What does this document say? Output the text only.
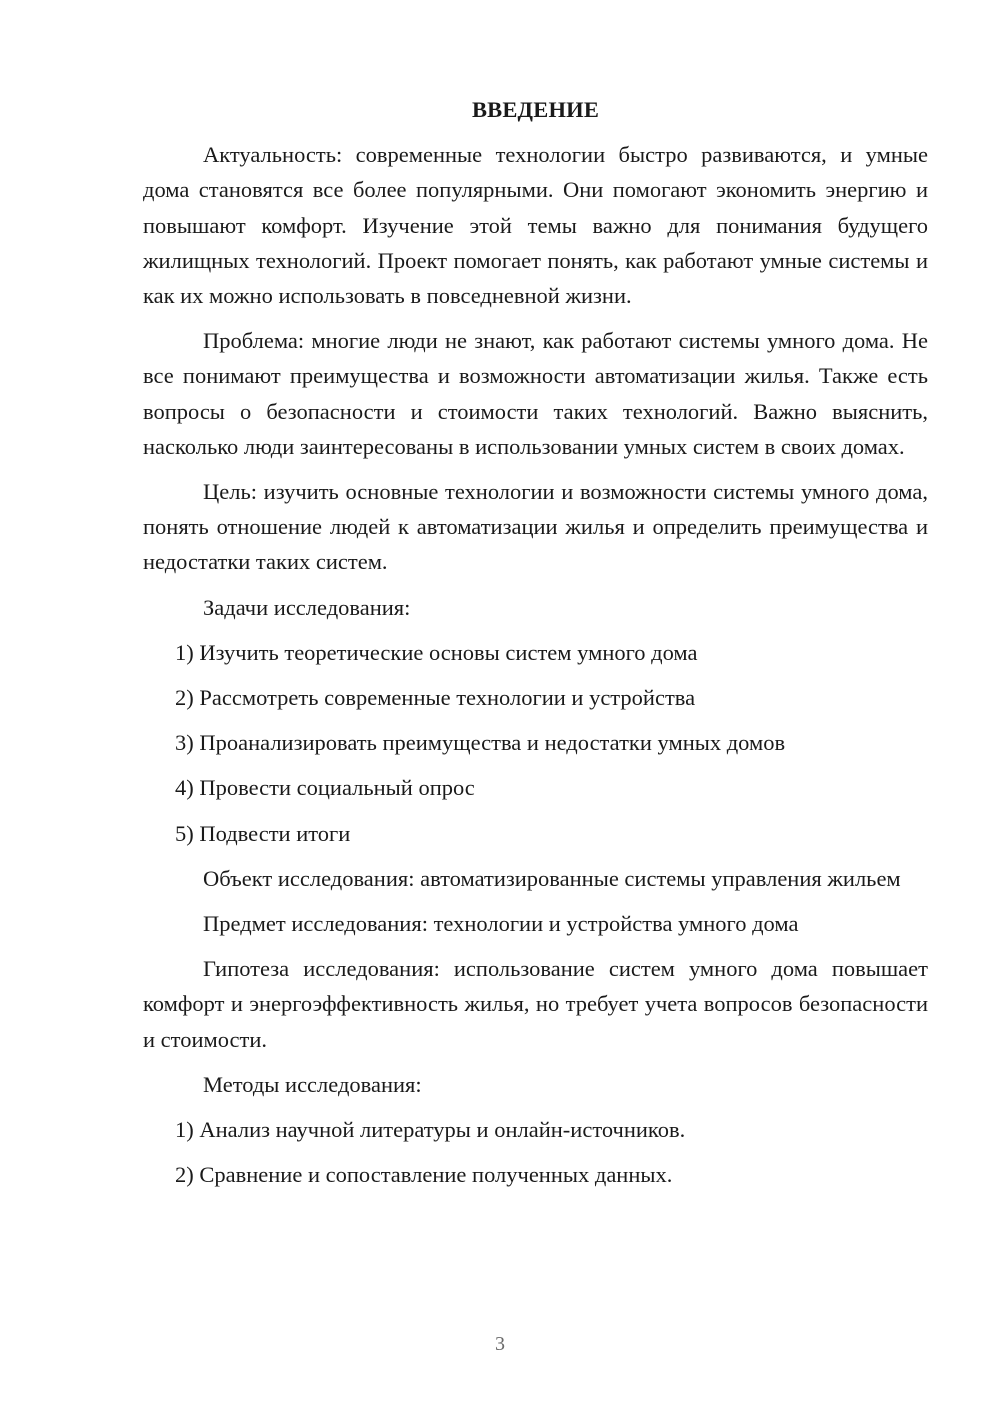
ВВЕДЕНИЕ

Актуальность: современные технологии быстро развиваются, и умные дома становятся все более популярными. Они помогают экономить энергию и повышают комфорт. Изучение этой темы важно для понимания будущего жилищных технологий. Проект помогает понять, как работают умные системы и как их можно использовать в повседневной жизни.

Проблема: многие люди не знают, как работают системы умного дома. Не все понимают преимущества и возможности автоматизации жилья. Также есть вопросы о безопасности и стоимости таких технологий. Важно выяснить, насколько люди заинтересованы в использовании умных систем в своих домах.

Цель: изучить основные технологии и возможности системы умного дома, понять отношение людей к автоматизации жилья и определить преимущества и недостатки таких систем.

Задачи исследования:

1) Изучить теоретические основы систем умного дома

2) Рассмотреть современные технологии и устройства

3) Проанализировать преимущества и недостатки умных домов

4) Провести социальный опрос

5) Подвести итоги

Объект исследования: автоматизированные системы управления жильем

Предмет исследования: технологии и устройства умного дома

Гипотеза исследования: использование систем умного дома повышает комфорт и энергоэффективность жилья, но требует учета вопросов безопасности и стоимости.

Методы исследования:

1) Анализ научной литературы и онлайн-источников.

2) Сравнение и сопоставление полученных данных.

3
